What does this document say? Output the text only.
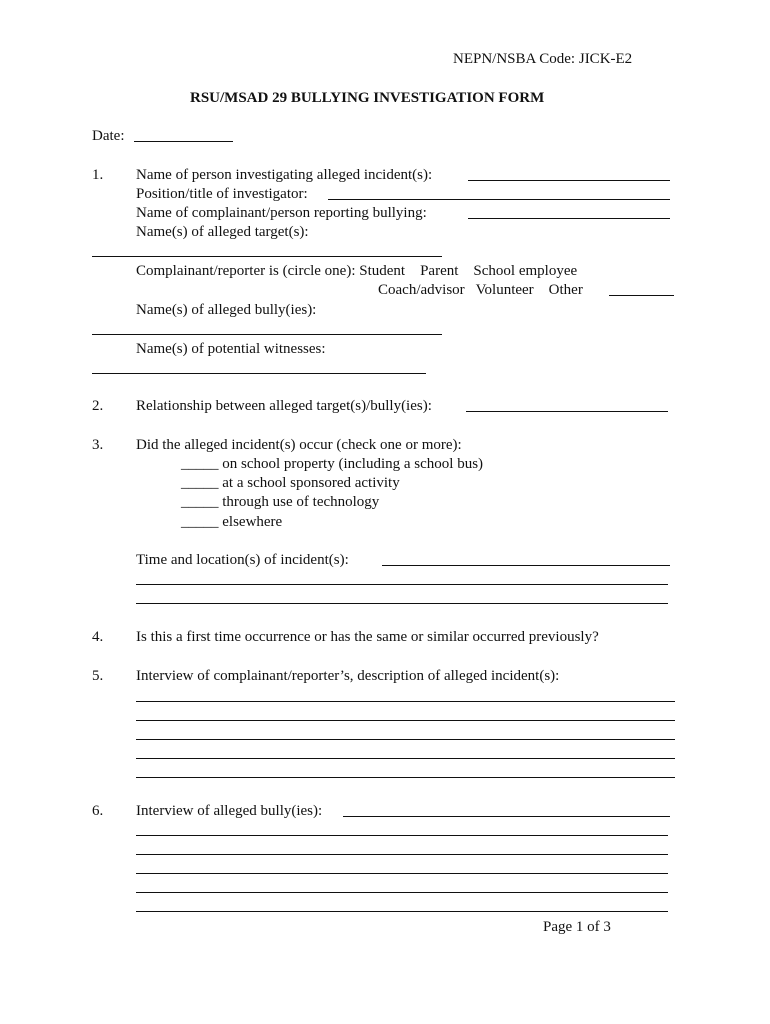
NEPN/NSBA Code: JICK-E2
RSU/MSAD 29 BULLYING INVESTIGATION FORM
Date:
1. Name of person investigating alleged incident(s):
Position/title of investigator:
Name of complainant/person reporting bullying:
Name(s) of alleged target(s):
Complainant/reporter is (circle one): Student    Parent    School employee
Coach/advisor   Volunteer    Other
Name(s) of alleged bully(ies):
Name(s) of potential witnesses:
2. Relationship between alleged target(s)/bully(ies):
3. Did the alleged incident(s) occur (check one or more):
_____ on school property (including a school bus)
_____ at a school sponsored activity
_____ through use of technology
_____ elsewhere
Time and location(s) of incident(s):
4. Is this a first time occurrence or has the same or similar occurred previously?
5. Interview of complainant/reporter’s, description of alleged incident(s):
6. Interview of alleged bully(ies):
Page 1 of 3
